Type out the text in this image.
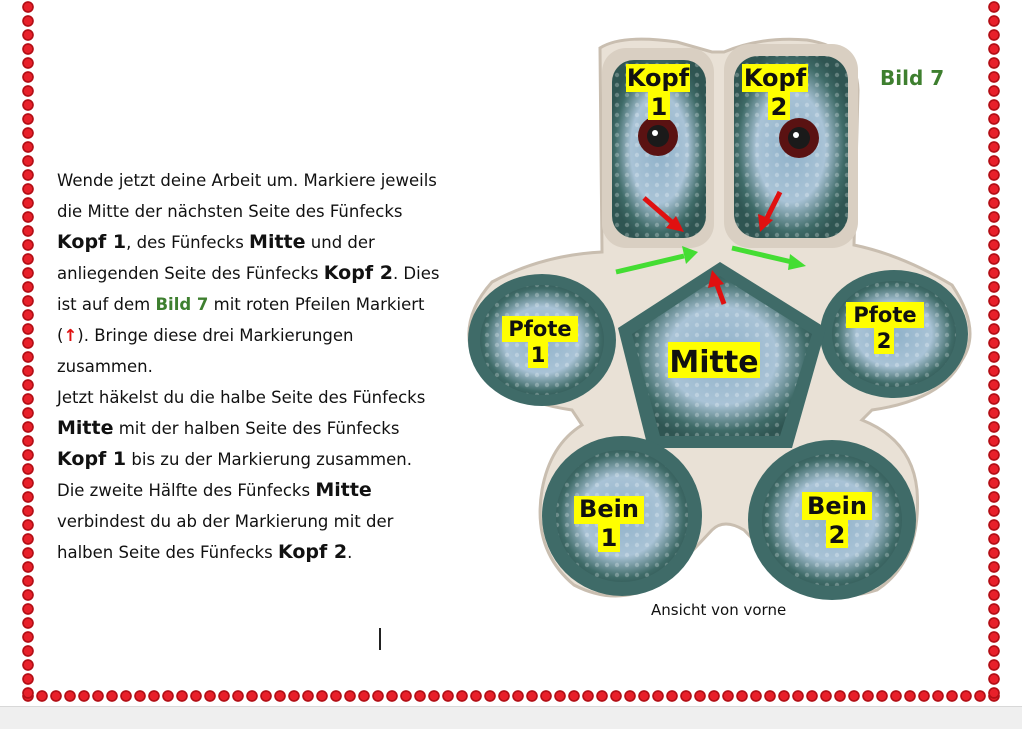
Wende jetzt deine Arbeit um. Markiere jeweils die Mitte der nächsten Seite des Fünfecks Kopf 1, des Fünfecks Mitte und der anliegenden Seite des Fünfecks Kopf 2. Dies ist auf dem Bild 7 mit roten Pfeilen Markiert (↑). Bringe diese drei Markierungen zusammen.

Jetzt häkelst du die halbe Seite des Fünfecks Mitte mit der halben Seite des Fünfecks Kopf 1 bis zu der Markierung zusammen.

Die zweite Hälfte des Fünfecks Mitte verbindest du ab der Markierung mit der halben Seite des Fünfecks Kopf 2.

Bild 7
Kopf
1
Kopf
2
Pfote
1
Pfote
2
Mitte
Bein
1
Bein
2
Ansicht von vorne
